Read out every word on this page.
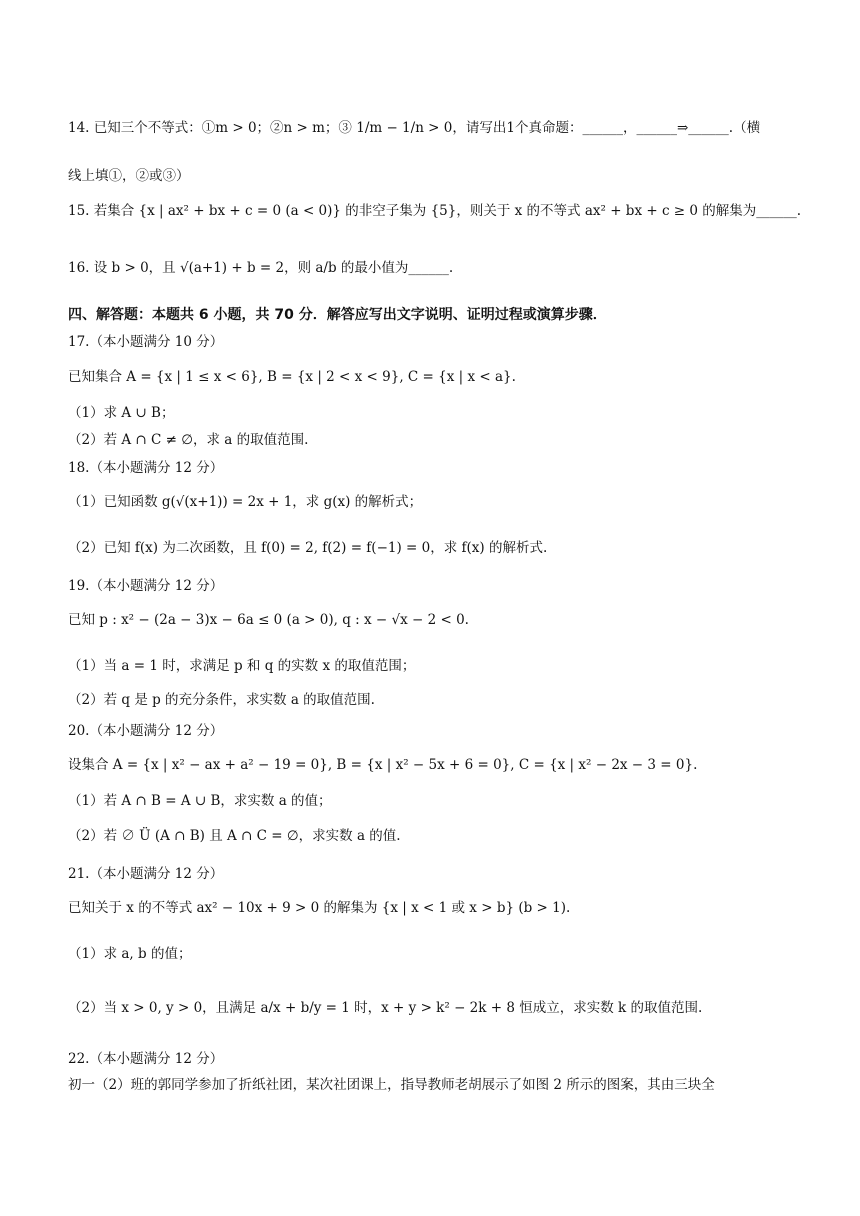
14. 已知三个不等式：①m > 0；②n > m；③ 1/m − 1/n > 0，请写出1个真命题：______，______⇒______.（横
线上填①，②或③）
15. 若集合 {x | ax² + bx + c = 0 (a < 0)} 的非空子集为 {5}，则关于 x 的不等式 ax² + bx + c ≥ 0 的解集为______.
16. 设 b > 0，且 √(a+1) + b = 2，则 a/b 的最小值为______.
四、解答题：本题共 6 小题，共 70 分．解答应写出文字说明、证明过程或演算步骤．
17.（本小题满分 10 分）
已知集合 A = {x | 1 ≤ x < 6}, B = {x | 2 < x < 9}, C = {x | x < a}.
（1）求 A ∪ B；
（2）若 A ∩ C ≠ ∅，求 a 的取值范围.
18.（本小题满分 12 分）
（1）已知函数 g(√(x+1)) = 2x + 1，求 g(x) 的解析式；
（2）已知 f(x) 为二次函数，且 f(0) = 2, f(2) = f(−1) = 0，求 f(x) 的解析式.
19.（本小题满分 12 分）
已知 p : x² − (2a − 3)x − 6a ≤ 0 (a > 0), q : x − √x − 2 < 0.
（1）当 a = 1 时，求满足 p 和 q 的实数 x 的取值范围；
（2）若 q 是 p 的充分条件，求实数 a 的取值范围.
20.（本小题满分 12 分）
设集合 A = {x | x² − ax + a² − 19 = 0}, B = {x | x² − 5x + 6 = 0}, C = {x | x² − 2x − 3 = 0}.
（1）若 A ∩ B = A ∪ B，求实数 a 的值；
（2）若 ∅ Ü (A ∩ B) 且 A ∩ C = ∅，求实数 a 的值.
21.（本小题满分 12 分）
已知关于 x 的不等式 ax² − 10x + 9 > 0 的解集为 {x | x < 1 或 x > b} (b > 1).
（1）求 a, b 的值；
（2）当 x > 0, y > 0，且满足 a/x + b/y = 1 时，x + y > k² − 2k + 8 恒成立，求实数 k 的取值范围.
22.（本小题满分 12 分）
初一（2）班的郭同学参加了折纸社团，某次社团课上，指导教师老胡展示了如图 2 所示的图案，其由三块全
